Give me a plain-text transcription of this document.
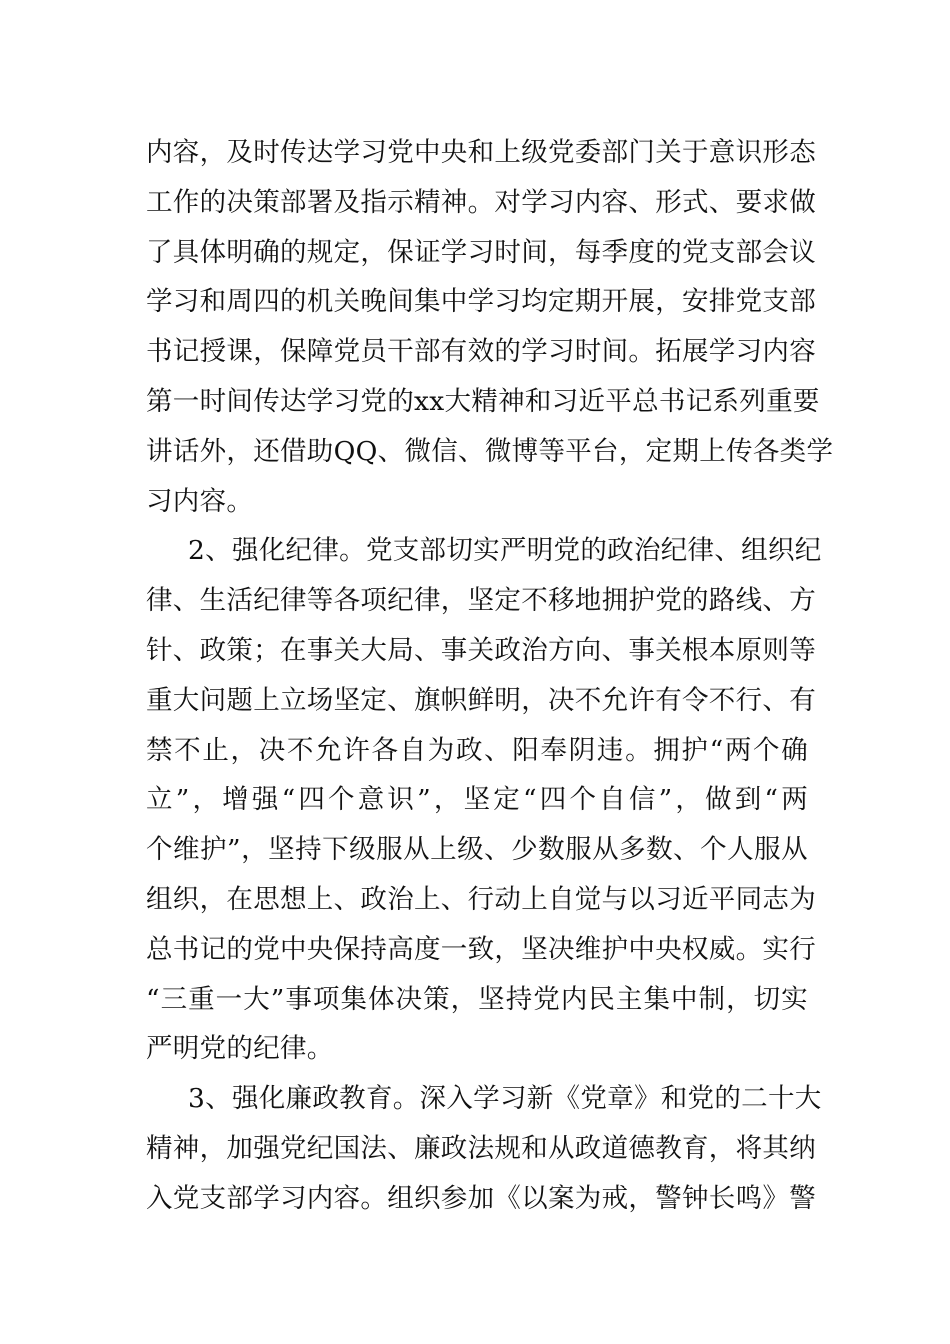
内容，及时传达学习党中央和上级党委部门关于意识形态
工作的决策部署及指示精神。对学习内容、形式、要求做
了具体明确的规定，保证学习时间，每季度的党支部会议
学习和周四的机关晚间集中学习均定期开展，安排党支部
书记授课，保障党员干部有效的学习时间。拓展学习内容
第一时间传达学习党的xx大精神和习近平总书记系列重要
讲话外，还借助QQ、微信、微博等平台，定期上传各类学
习内容。
2、强化纪律。党支部切实严明党的政治纪律、组织纪
律、生活纪律等各项纪律，坚定不移地拥护党的路线、方
针、政策；在事关大局、事关政治方向、事关根本原则等
重大问题上立场坚定、旗帜鲜明，决不允许有令不行、有
禁不止，决不允许各自为政、阳奉阴违。拥护“两个确
立”，增强“四个意识”，坚定“四个自信”，做到“两
个维护”，坚持下级服从上级、少数服从多数、个人服从
组织，在思想上、政治上、行动上自觉与以习近平同志为
总书记的党中央保持高度一致，坚决维护中央权威。实行
“三重一大”事项集体决策，坚持党内民主集中制，切实
严明党的纪律。
3、强化廉政教育。深入学习新《党章》和党的二十大
精神，加强党纪国法、廉政法规和从政道德教育，将其纳
入党支部学习内容。组织参加《以案为戒，警钟长鸣》警
